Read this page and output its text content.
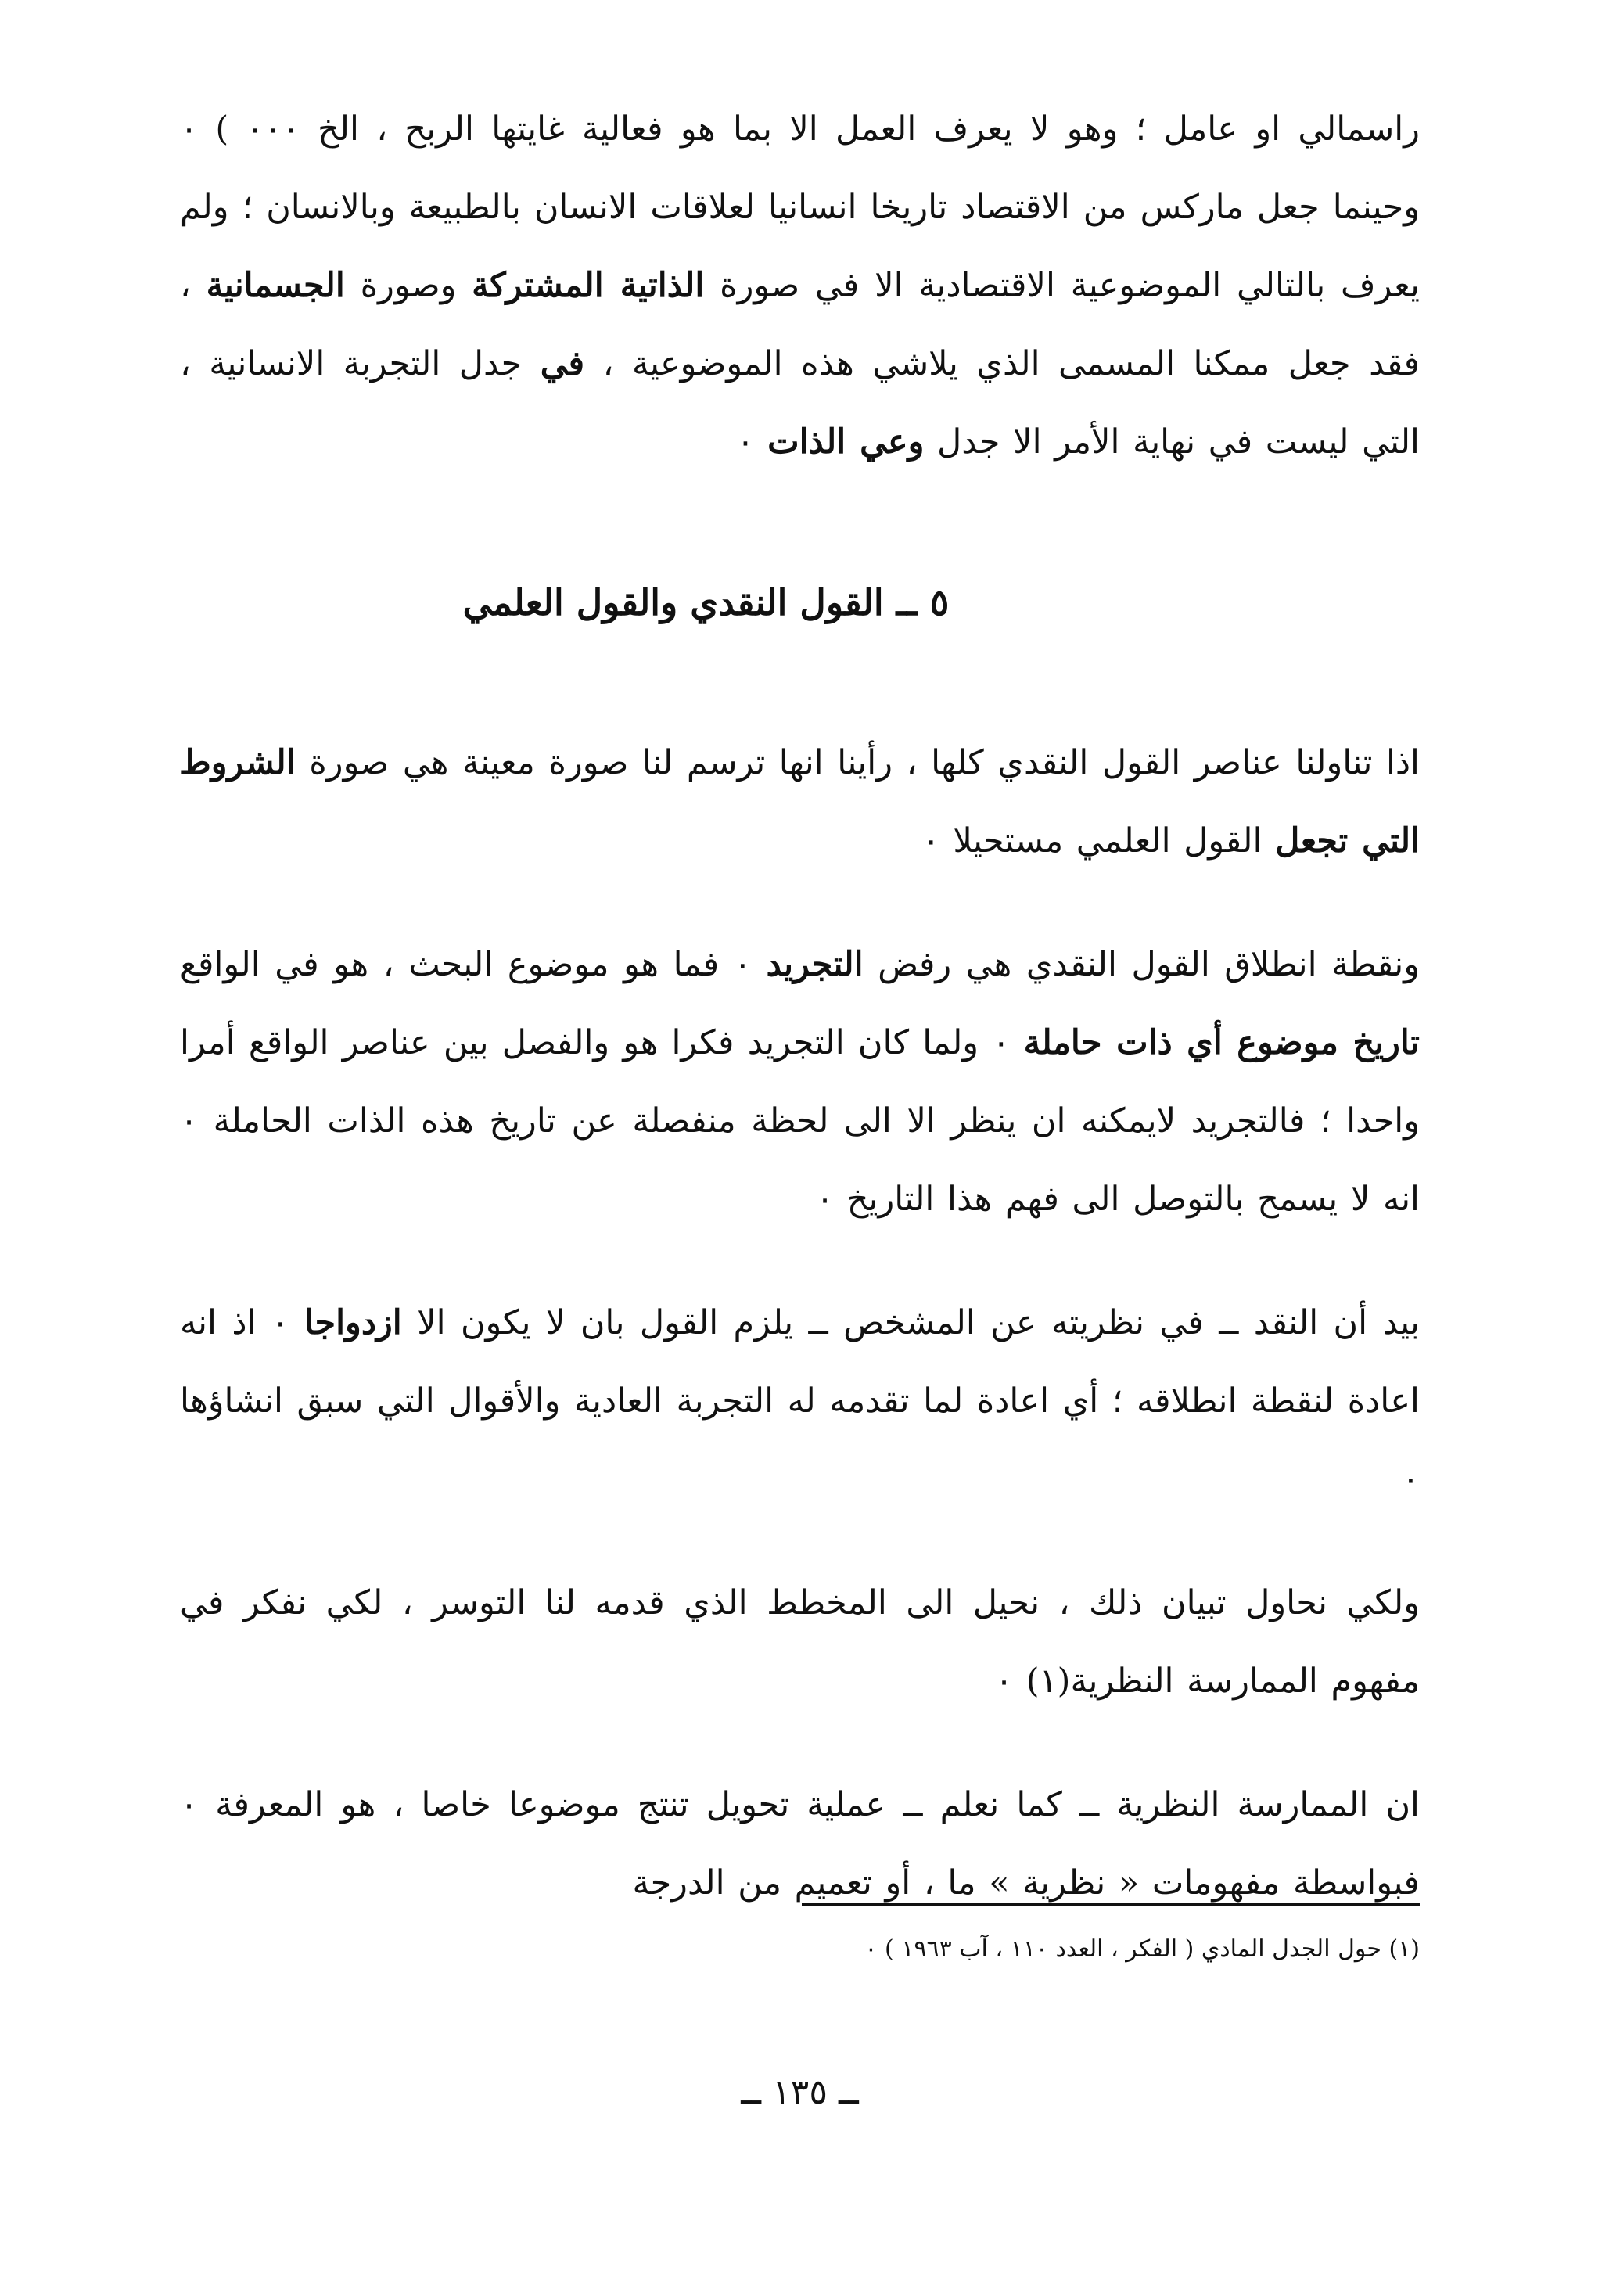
راسمالي او عامل ؛ وهو لا يعرف العمل الا بما هو فعالية غايتها الربح ، الخ ٠٠٠ ) ٠ وحينما جعل ماركس من الاقتصاد تاريخا انسانيا لعلاقات الانسان بالطبيعة وبالانسان ؛ ولم يعرف بالتالي الموضوعية الاقتصادية الا في صورة الذاتية المشتركة وصورة الجسمانية ، فقد جعل ممكنا المسمى الذي يلاشي هذه الموضوعية ، في جدل التجربة الانسانية ، التي ليست في نهاية الأمر الا جدل وعي الذات ٠

٥ ــ القول النقدي والقول العلمي

اذا تناولنا عناصر القول النقدي كلها ، رأينا انها ترسم لنا صورة معينة هي صورة الشروط التي تجعل القول العلمي مستحيلا ٠

ونقطة انطلاق القول النقدي هي رفض التجريد ٠ فما هو موضوع البحث ، هو في الواقع تاريخ موضوع أي ذات حاملة ٠ ولما كان التجريد فكرا هو والفصل بين عناصر الواقع أمرا واحدا ؛ فالتجريد لايمكنه ان ينظر الا الى لحظة منفصلة عن تاريخ هذه الذات الحاملة ٠ انه لا يسمح بالتوصل الى فهم هذا التاريخ ٠

بيد أن النقد ــ في نظريته عن المشخص ــ يلزم القول بان لا يكون الا ازدواجا ٠ اذ انه اعادة لنقطة انطلاقه ؛ أي اعادة لما تقدمه له التجربة العادية والأقوال التي سبق انشاؤها ٠

ولكي نحاول تبيان ذلك ، نحيل الى المخطط الذي قدمه لنا التوسر ، لكي نفكر في مفهوم الممارسة النظرية(١) ٠

ان الممارسة النظرية ــ كما نعلم ــ عملية تحويل تنتج موضوعا خاصا ، هو المعرفة ٠ فبواسطة مفهومات « نظرية » ما ، أو تعميم من الدرجة

(١) حول الجدل المادي ( الفكر ، العدد ١١٠ ، آب ١٩٦٣ ) ٠

ــ ١٣٥ ــ
